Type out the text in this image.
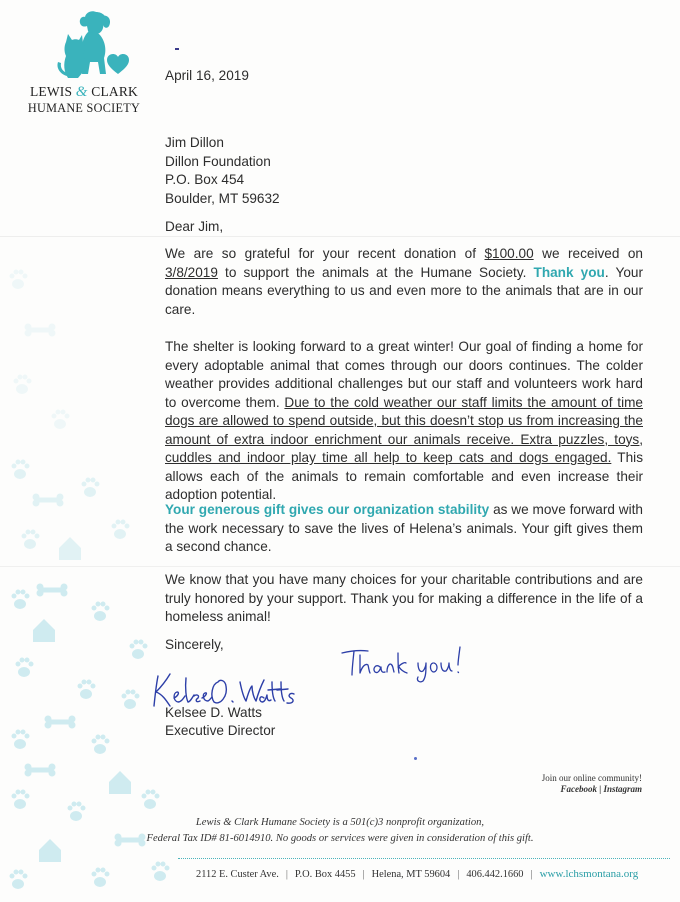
LEWIS & CLARK
HUMANE SOCIETY
April 16, 2019
Jim Dillon
Dillon Foundation
P.O. Box 454
Boulder, MT 59632
Dear Jim,
We are so grateful for your recent donation of $100.00 we received on 3/8/2019 to support the animals at the Humane Society. Thank you. Your donation means everything to us and even more to the animals that are in our care.
The shelter is looking forward to a great winter! Our goal of finding a home for every adoptable animal that comes through our doors continues. The colder weather provides additional challenges but our staff and volunteers work hard to overcome them. Due to the cold weather our staff limits the amount of time dogs are allowed to spend outside, but this doesn’t stop us from increasing the amount of extra indoor enrichment our animals receive. Extra puzzles, toys, cuddles and indoor play time all help to keep cats and dogs engaged. This allows each of the animals to remain comfortable and even increase their adoption potential.
Your generous gift gives our organization stability as we move forward with the work necessary to save the lives of Helena’s animals. Your gift gives them a second chance.
We know that you have many choices for your charitable contributions and are truly honored by your support. Thank you for making a difference in the life of a homeless animal!
Sincerely,
Kelsee D. Watts
Executive Director
Join our online community!
Facebook | Instagram
Lewis & Clark Humane Society is a 501(c)3 nonprofit organization,
Federal Tax ID# 81-6014910. No goods or services were given in consideration of this gift.
2112 E. Custer Ave. | P.O. Box 4455 | Helena, MT 59604 | 406.442.1660 | www.lchsmontana.org
